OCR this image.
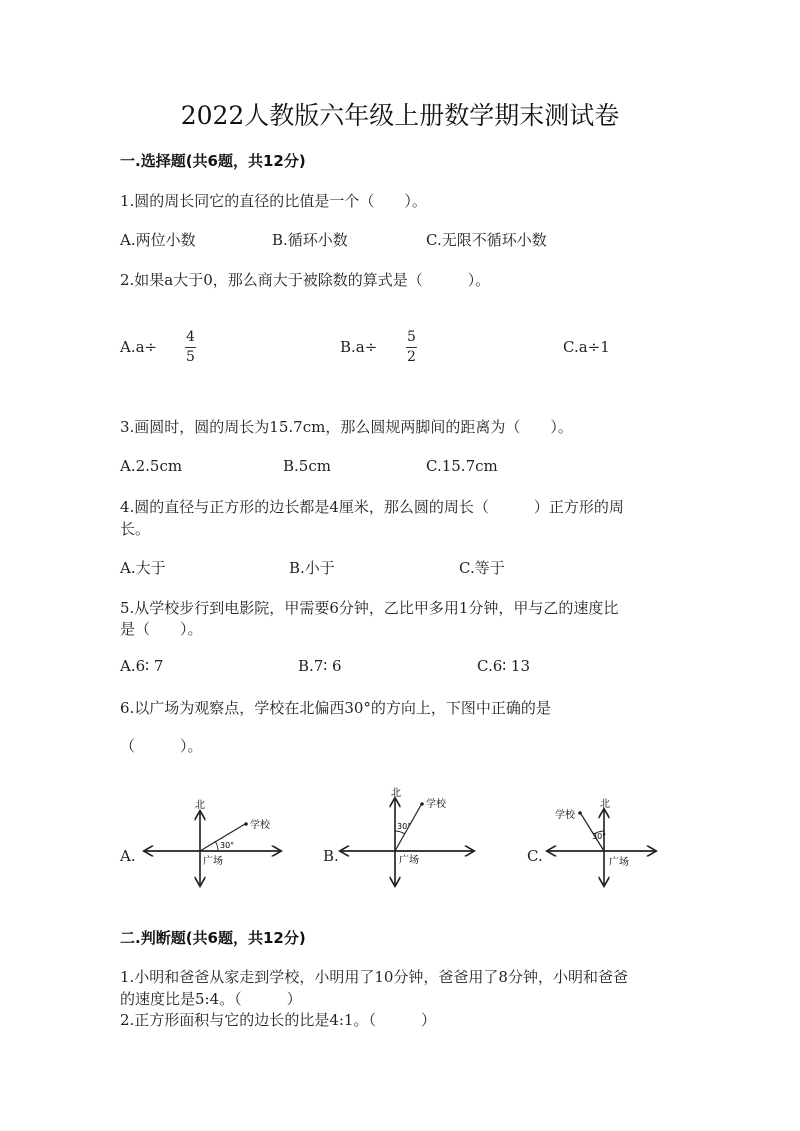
2022人教版六年级上册数学期末测试卷
一.选择题(共6题，共12分)
1.圆的周长同它的直径的比值是一个（　　）。
A.两位小数	B.循环小数	C.无限不循环小数
2.如果a大于0，那么商大于被除数的算式是（　　　）。
A.a÷
4
5
B.a÷
5
2
C.a÷1
3.画圆时，圆的周长为15.7cm，那么圆规两脚间的距离为（　　）。
A.2.5cm	B.5cm	C.15.7cm
4.圆的直径与正方形的边长都是4厘米，那么圆的周长（　　　）正方形的周
长。
A.大于	B.小于	C.等于
5.从学校步行到电影院，甲需要6分钟，乙比甲多用1分钟，甲与乙的速度比
是（　　）。
A.6∶ 7	B.7∶ 6	C.6∶ 13
6.以广场为观察点，学校在北偏西30°的方向上，下图中正确的是
（　　　）。
A.	B.	C.
北
学校
广场
30°
北
学校
广场
30°
北
学校
广场
30°
二.判断题(共6题，共12分)
1.小明和爸爸从家走到学校，小明用了10分钟，爸爸用了8分钟，小明和爸爸
的速度比是5:4。（　　　）
2.正方形面积与它的边长的比是4:1。（　　　）
